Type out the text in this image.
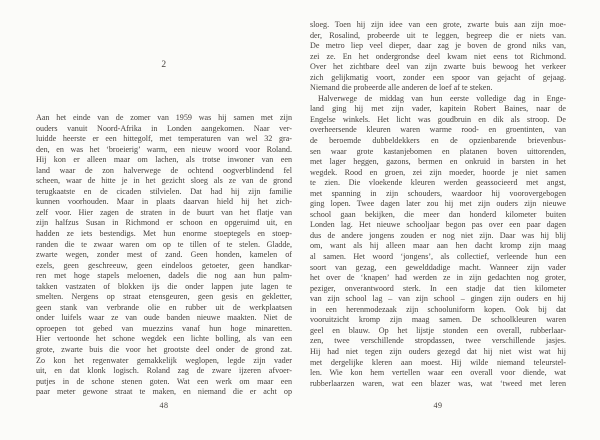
2
Aan het einde van de zomer van 1959 was hij samen met zijn
ouders vanuit Noord-Afrika in Londen aangekomen. Naar ver-
luidde heerste er een hittegolf, met temperaturen van wel 32 gra-
den, en was het ‘broeierig’ warm, een nieuw woord voor Roland.
Hij kon er alleen maar om lachen, als trotse inwoner van een
land waar de zon halverwege de ochtend oogverblindend fel
scheen, waar de hitte je in het gezicht sloeg als ze van de grond
terugkaatste en de cicaden stilvielen. Dat had hij zijn familie
kunnen voorhouden. Maar in plaats daarvan hield hij het zich-
zelf voor. Hier zagen de straten in de buurt van het flatje van
zijn halfzus Susan in Richmond er schoon en opgeruimd uit, en
hadden ze iets bestendigs. Met hun enorme stoeptegels en stoep-
randen die te zwaar waren om op te tillen of te stelen. Gladde,
zwarte wegen, zonder mest of zand. Geen honden, kamelen of
ezels, geen geschreeuw, geen eindeloos getoeter, geen handkar-
ren met hoge stapels meloenen, dadels die nog aan hun palm-
takken vastzaten of blokken ijs die onder lappen jute lagen te
smelten. Nergens op straat etensgeuren, geen gesis en gekletter,
geen stank van verbrande olie en rubber uit de werkplaatsen
onder luifels waar ze van oude banden nieuwe maakten. Niet de
oproepen tot gebed van muezzins vanaf hun hoge minaretten.
Hier vertoonde het schone wegdek een lichte bolling, als van een
grote, zwarte buis die voor het grootste deel onder de grond zat.
Zo kon het regenwater gemakkelijk weglopen, legde zijn vader
uit, en dat klonk logisch. Roland zag de zware ijzeren afvoer-
putjes in de schone stenen goten. Wat een werk om maar een
paar meter gewone straat te maken, en niemand die er acht op
48
sloeg. Toen hij zijn idee van een grote, zwarte buis aan zijn moe-
der, Rosalind, probeerde uit te leggen, begreep die er niets van.
De metro liep veel dieper, daar zag je boven de grond niks van,
zei ze. En het ondergrondse deel kwam niet eens tot Richmond.
Over het zichtbare deel van zijn zwarte buis bewoog het verkeer
zich gelijkmatig voort, zonder een spoor van gejacht of gejaag.
Niemand die probeerde alle anderen de loef af te steken.
Halverwege de middag van hun eerste volledige dag in Enge-
land ging hij met zijn vader, kapitein Robert Baines, naar de
Engelse winkels. Het licht was goudbruin en dik als stroop. De
overheersende kleuren waren warme rood- en groentinten, van
de beroemde dubbeldekkers en de opzienbarende brievenbus-
sen waar grote kastanjebomen en platanen boven uittorenden,
met lager heggen, gazons, bermen en onkruid in barsten in het
wegdek. Rood en groen, zei zijn moeder, hoorde je niet samen
te zien. Die vloekende kleuren werden geassocieerd met angst,
met spanning in zijn schouders, waardoor hij voorovergebogen
ging lopen. Twee dagen later zou hij met zijn ouders zijn nieuwe
school gaan bekijken, die meer dan honderd kilometer buiten
Londen lag. Het nieuwe schooljaar begon pas over een paar dagen
dus de andere jongens zouden er nog niet zijn. Daar was hij blij
om, want als hij alleen maar aan hen dacht kromp zijn maag
al samen. Het woord ‘jongens’, als collectief, verleende hun een
soort van gezag, een gewelddadige macht. Wanneer zijn vader
het over de ‘knapen’ had werden ze in zijn gedachten nog groter,
peziger, onverantwoord sterk. In een stadje dat tien kilometer
van zijn school lag – van zijn school – gingen zijn ouders en hij
in een herenmodezaak zijn schooluniform kopen. Ook bij dat
vooruitzicht kromp zijn maag samen. De schoolkleuren waren
geel en blauw. Op het lijstje stonden een overall, rubberlaar-
zen, twee verschillende stropdassen, twee verschillende jasjes.
Hij had niet tegen zijn ouders gezegd dat hij niet wist wat hij
met dergelijke kleren aan moest. Hij wilde niemand teleurstel-
len. Wie kon hem vertellen waar een overall voor diende, wat
rubberlaarzen waren, wat een blazer was, wat ‘tweed met leren
49
